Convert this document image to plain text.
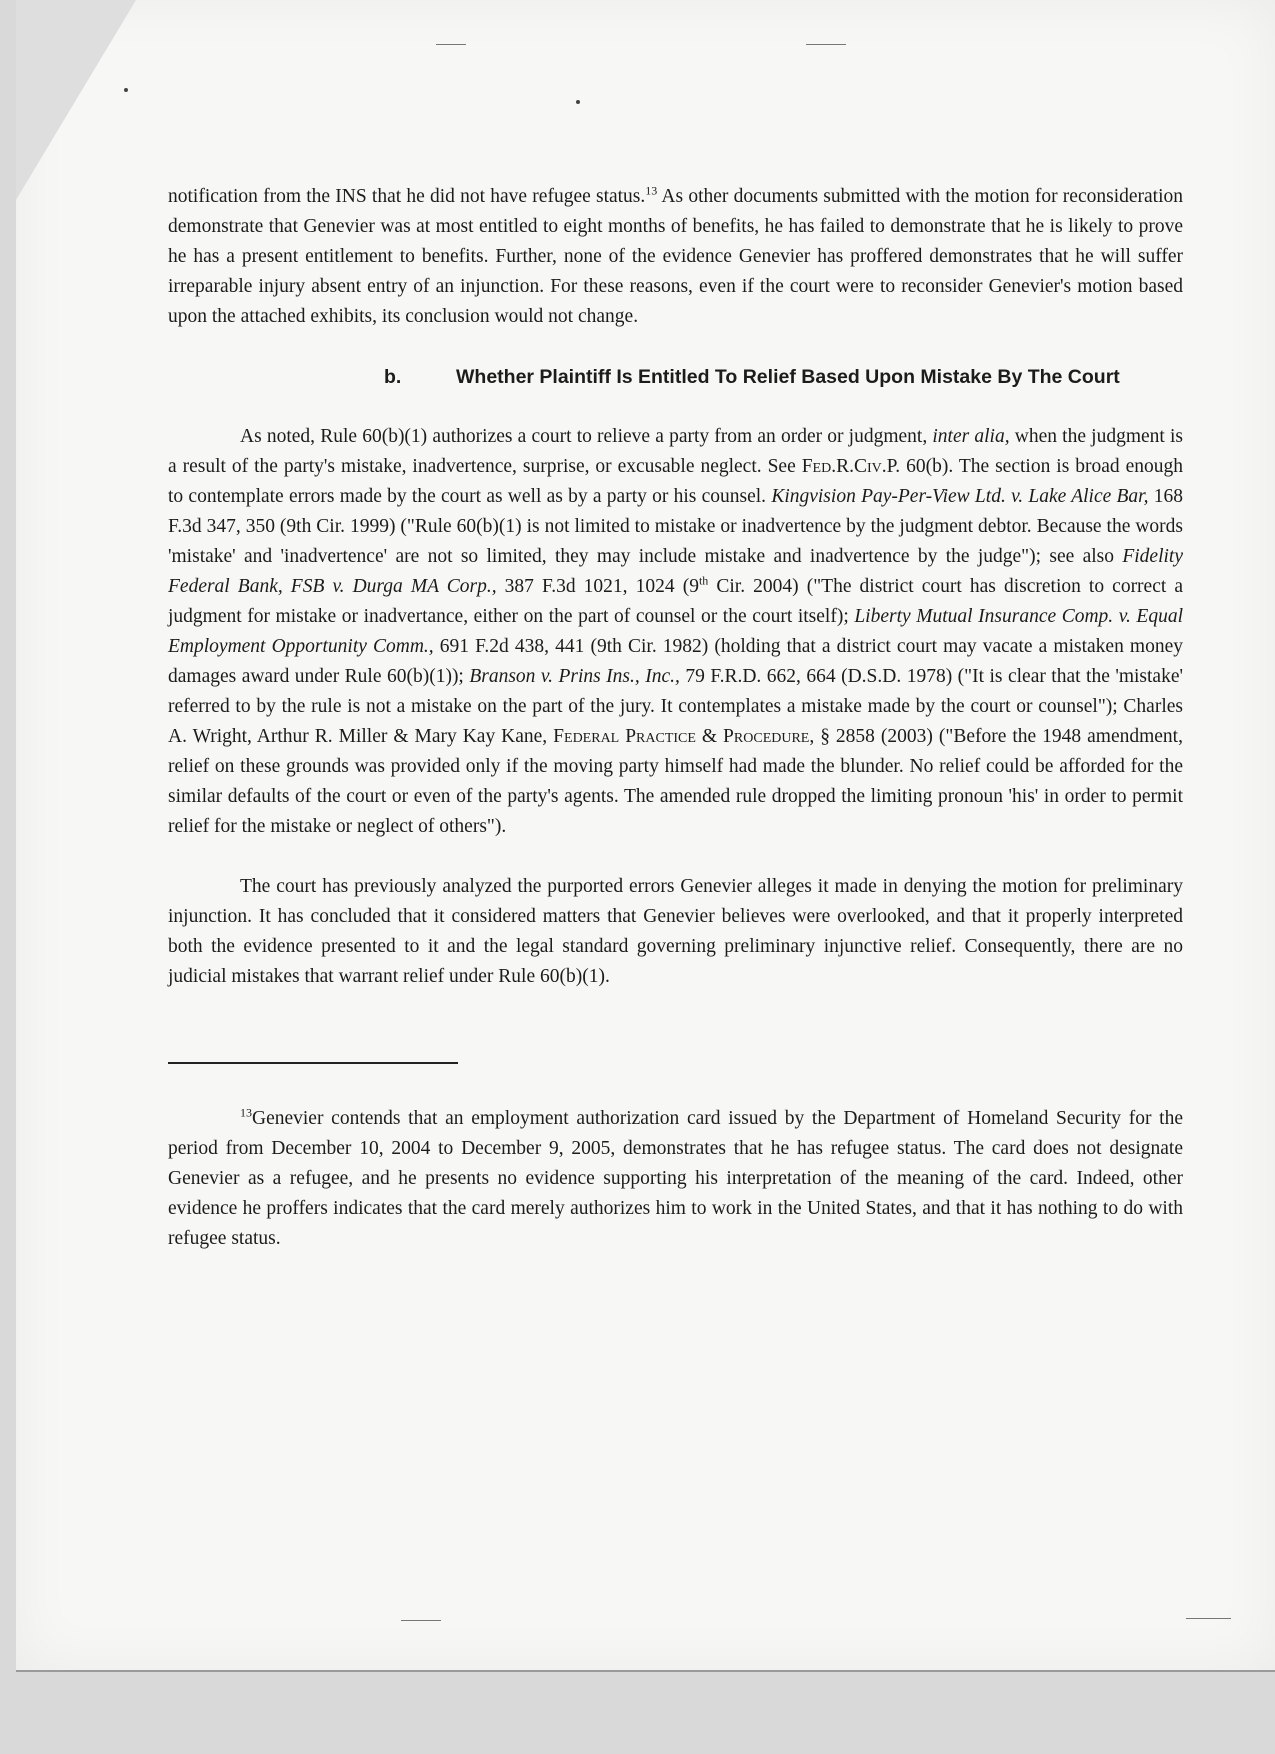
notification from the INS that he did not have refugee status.$^{13}$ As other documents submitted with the motion for reconsideration demonstrate that Genevier was at most entitled to eight months of benefits, he has failed to demonstrate that he is likely to prove he has a present entitlement to benefits. Further, none of the evidence Genevier has proffered demonstrates that he will suffer irreparable injury absent entry of an injunction. For these reasons, even if the court were to reconsider Genevier's motion based upon the attached exhibits, its conclusion would not change.

b.	Whether Plaintiff Is Entitled To Relief Based Upon Mistake By The Court

As noted, Rule 60(b)(1) authorizes a court to relieve a party from an order or judgment, inter alia, when the judgment is a result of the party's mistake, inadvertence, surprise, or excusable neglect. See Fed.R.Civ.P. 60(b). The section is broad enough to contemplate errors made by the court as well as by a party or his counsel. Kingvision Pay-Per-View Ltd. v. Lake Alice Bar, 168 F.3d 347, 350 (9th Cir. 1999) ("Rule 60(b)(1) is not limited to mistake or inadvertence by the judgment debtor. Because the words 'mistake' and 'inadvertence' are not so limited, they may include mistake and inadvertence by the judge"); see also Fidelity Federal Bank, FSB v. Durga MA Corp., 387 F.3d 1021, 1024 (9th Cir. 2004) ("The district court has discretion to correct a judgment for mistake or inadvertance, either on the part of counsel or the court itself); Liberty Mutual Insurance Comp. v. Equal Employment Opportunity Comm., 691 F.2d 438, 441 (9th Cir. 1982) (holding that a district court may vacate a mistaken money damages award under Rule 60(b)(1)); Branson v. Prins Ins., Inc., 79 F.R.D. 662, 664 (D.S.D. 1978) ("It is clear that the 'mistake' referred to by the rule is not a mistake on the part of the jury. It contemplates a mistake made by the court or counsel"); Charles A. Wright, Arthur R. Miller & Mary Kay Kane, Federal Practice & Procedure, § 2858 (2003) ("Before the 1948 amendment, relief on these grounds was provided only if the moving party himself had made the blunder. No relief could be afforded for the similar defaults of the court or even of the party's agents. The amended rule dropped the limiting pronoun 'his' in order to permit relief for the mistake or neglect of others").

The court has previously analyzed the purported errors Genevier alleges it made in denying the motion for preliminary injunction. It has concluded that it considered matters that Genevier believes were overlooked, and that it properly interpreted both the evidence presented to it and the legal standard governing preliminary injunctive relief. Consequently, there are no judicial mistakes that warrant relief under Rule 60(b)(1).

$^{13}$Genevier contends that an employment authorization card issued by the Department of Homeland Security for the period from December 10, 2004 to December 9, 2005, demonstrates that he has refugee status. The card does not designate Genevier as a refugee, and he presents no evidence supporting his interpretation of the meaning of the card. Indeed, other evidence he proffers indicates that the card merely authorizes him to work in the United States, and that it has nothing to do with refugee status.
